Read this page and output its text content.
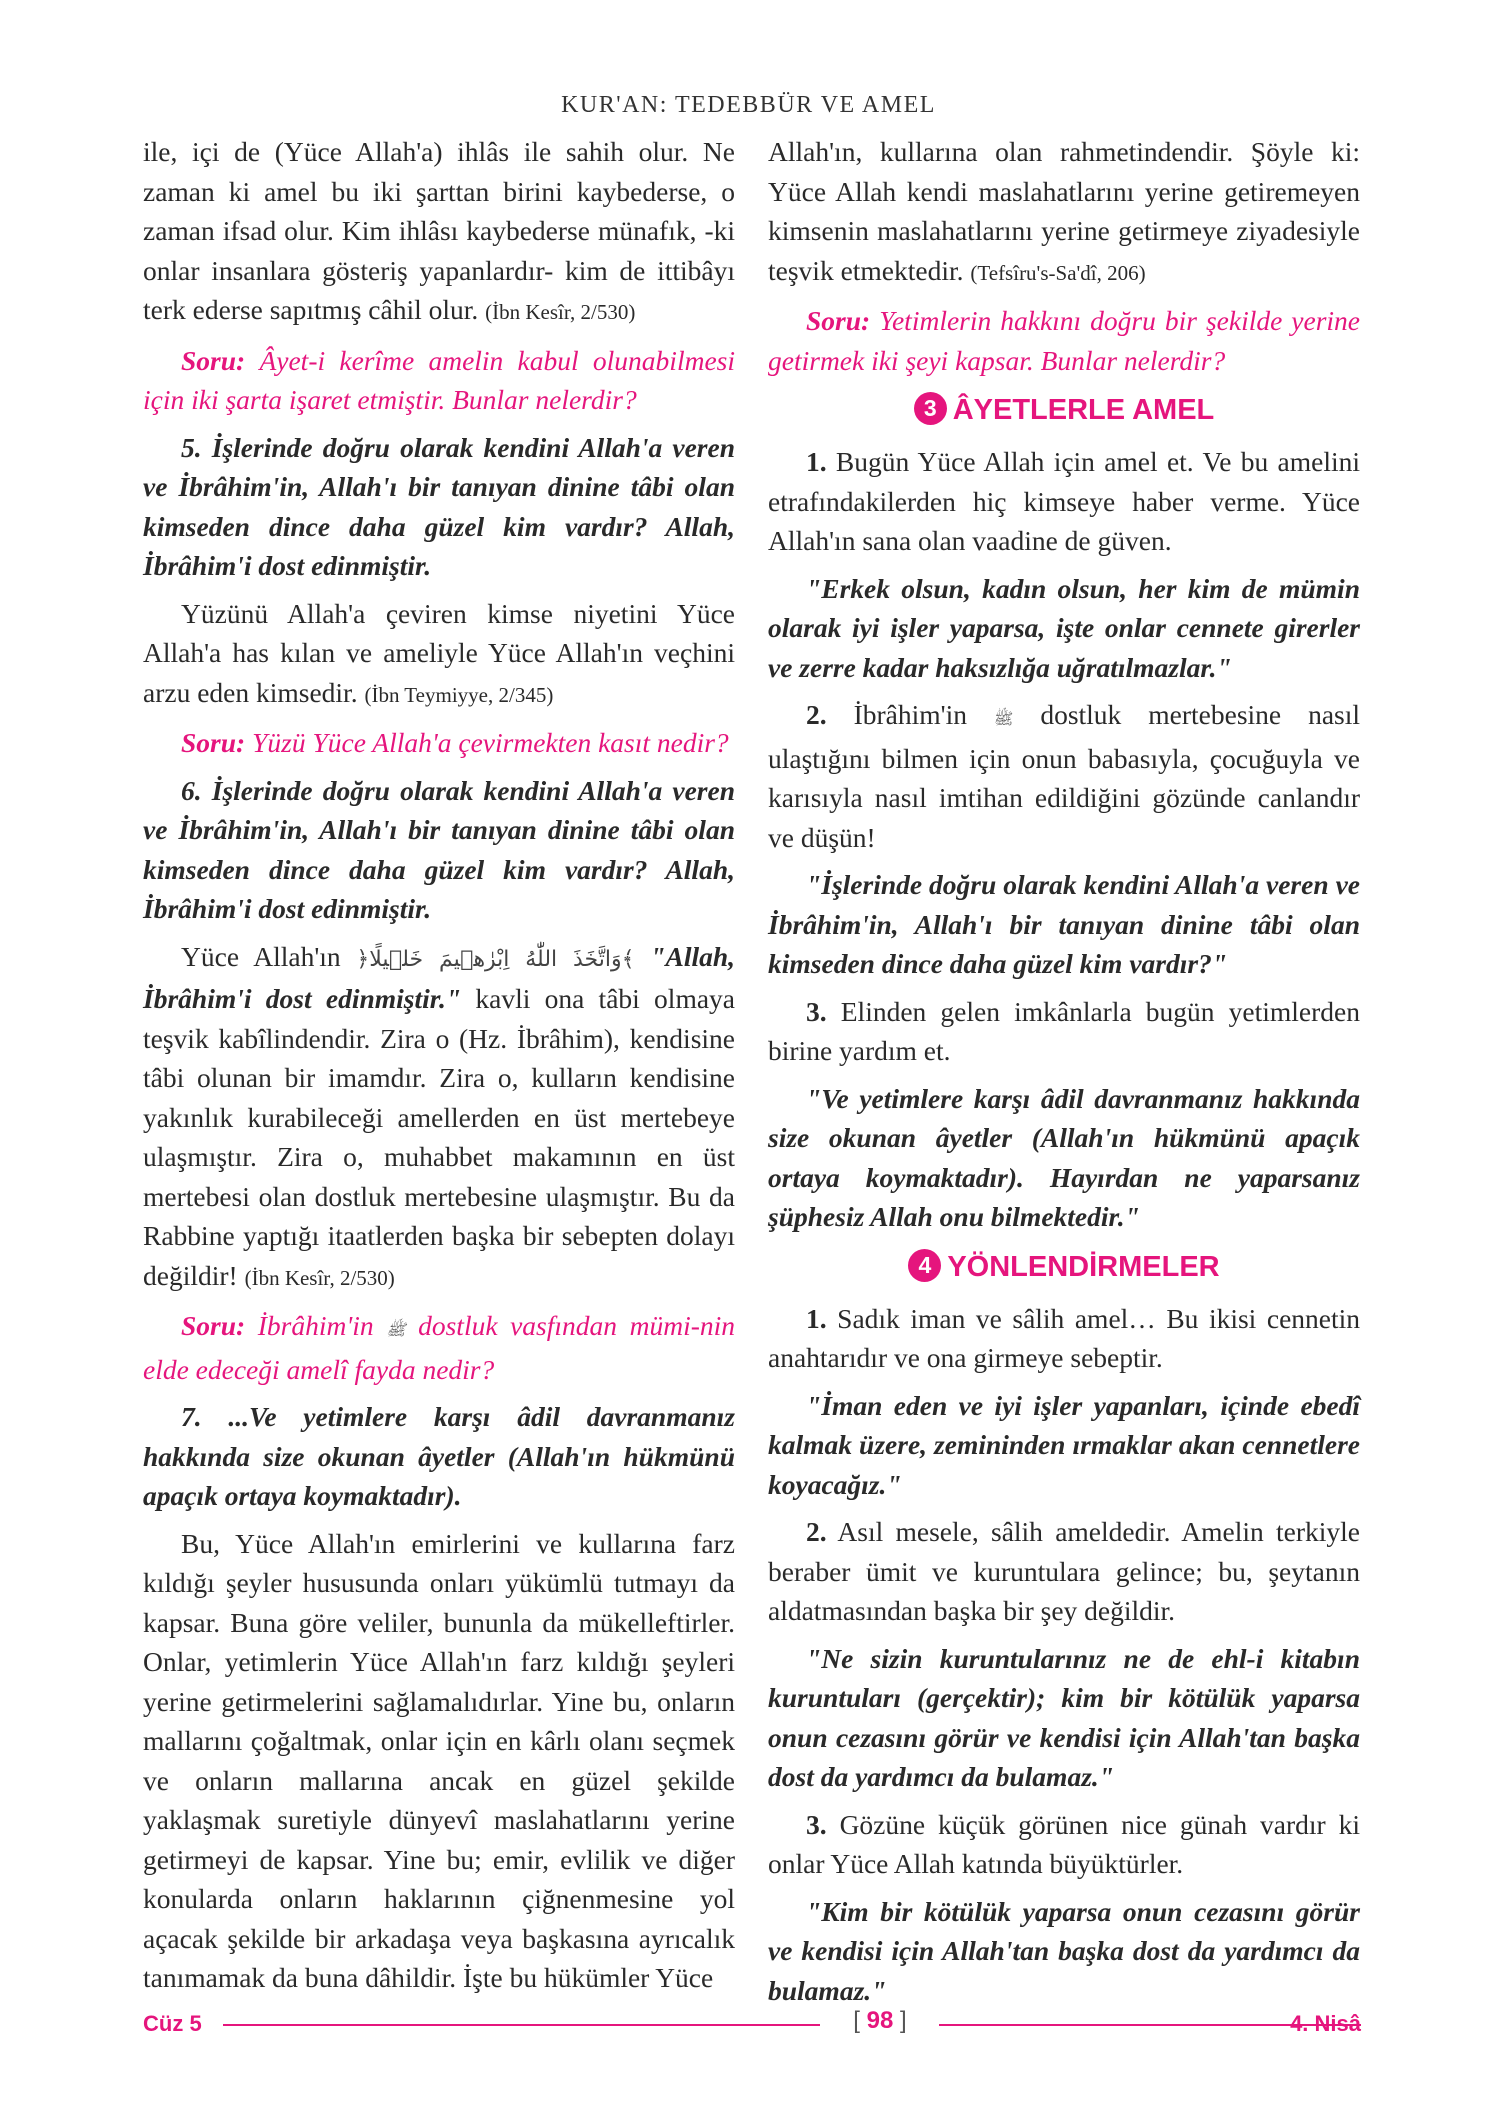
KUR'AN: TEDEBBÜR VE AMEL

ile, içi de (Yüce Allah'a) ihlâs ile sahih olur. Ne zaman ki amel bu iki şarttan birini kaybederse, o zaman ifsad olur. Kim ihlâsı kaybederse münafık, -ki onlar insanlara gösteriş yapanlardır- kim de ittibâyı terk ederse sapıtmış câhil olur. (İbn Kesîr, 2/530)

Soru: Âyet-i kerîme amelin kabul olunabilmesi için iki şarta işaret etmiştir. Bunlar nelerdir?

5. İşlerinde doğru olarak kendini Allah'a veren ve İbrâhim'in, Allah'ı bir tanıyan dinine tâbi olan kimseden dince daha güzel kim vardır? Allah, İbrâhim'i dost edinmiştir.

Yüzünü Allah'a çeviren kimse niyetini Yüce Allah'a has kılan ve ameliyle Yüce Allah'ın veçhini arzu eden kimsedir. (İbn Teymiyye, 2/345)

Soru: Yüzü Yüce Allah'a çevirmekten kasıt nedir?

6. İşlerinde doğru olarak kendini Allah'a veren ve İbrâhim'in, Allah'ı bir tanıyan dinine tâbi olan kimseden dince daha güzel kim vardır? Allah, İbrâhim'i dost edinmiştir.

Yüce Allah'ın ﴿وَاتَّخَذَ اللّٰهُ اِبْرٰهٖيمَ خَلٖيلًا﴾ "Allah, İbrâhim'i dost edinmiştir." kavli ona tâbi olmaya teşvik kabîlindendir. Zira o (Hz. İbrâhim), kendisine tâbi olunan bir imamdır. Zira o, kulların kendisine yakınlık kurabileceği amellerden en üst mertebeye ulaşmıştır. Zira o, muhabbet makamının en üst mertebesi olan dostluk mertebesine ulaşmıştır. Bu da Rabbine yaptığı itaatlerden başka bir sebepten dolayı değildir! (İbn Kesîr, 2/530)

Soru: İbrâhim'in ﷺ dostluk vasfından mümi-nin elde edeceği amelî fayda nedir?

7. ...Ve yetimlere karşı âdil davranmanız hakkında size okunan âyetler (Allah'ın hükmünü apaçık ortaya koymaktadır).

Bu, Yüce Allah'ın emirlerini ve kullarına farz kıldığı şeyler hususunda onları yükümlü tutmayı da kapsar. Buna göre veliler, bununla da mükelleftirler. Onlar, yetimlerin Yüce Allah'ın farz kıldığı şeyleri yerine getirmelerini sağlamalıdırlar. Yine bu, onların mallarını çoğaltmak, onlar için en kârlı olanı seçmek ve onların mallarına ancak en güzel şekilde yaklaşmak suretiyle dünyevî maslahatlarını yerine getirmeyi de kapsar. Yine bu; emir, evlilik ve diğer konularda onların haklarının çiğnenmesine yol açacak şekilde bir arkadaşa veya başkasına ayrıcalık tanımamak da buna dâhildir. İşte bu hükümler Yüce

Allah'ın, kullarına olan rahmetindendir. Şöyle ki: Yüce Allah kendi maslahatlarını yerine getiremeyen kimsenin maslahatlarını yerine getirmeye ziyadesiyle teşvik etmektedir. (Tefsîru's-Sa'dî, 206)

Soru: Yetimlerin hakkını doğru bir şekilde yerine getirmek iki şeyi kapsar. Bunlar nelerdir?

3 ÂYETLERLE AMEL

1. Bugün Yüce Allah için amel et. Ve bu amelini etrafındakilerden hiç kimseye haber verme. Yüce Allah'ın sana olan vaadine de güven.

"Erkek olsun, kadın olsun, her kim de mümin olarak iyi işler yaparsa, işte onlar cennete girerler ve zerre kadar haksızlığa uğratılmazlar."

2. İbrâhim'in ﷺ dostluk mertebesine nasıl ulaştığını bilmen için onun babasıyla, çocuğuyla ve karısıyla nasıl imtihan edildiğini gözünde canlandır ve düşün!

"İşlerinde doğru olarak kendini Allah'a veren ve İbrâhim'in, Allah'ı bir tanıyan dinine tâbi olan kimseden dince daha güzel kim vardır?"

3. Elinden gelen imkânlarla bugün yetimlerden birine yardım et.

"Ve yetimlere karşı âdil davranmanız hakkında size okunan âyetler (Allah'ın hükmünü apaçık ortaya koymaktadır). Hayırdan ne yaparsanız şüphesiz Allah onu bilmektedir."

4 YÖNLENDİRMELER

1. Sadık iman ve sâlih amel… Bu ikisi cennetin anahtarıdır ve ona girmeye sebeptir.

"İman eden ve iyi işler yapanları, içinde ebedî kalmak üzere, zemininden ırmaklar akan cennetlere koyacağız."

2. Asıl mesele, sâlih ameldedir. Amelin terkiyle beraber ümit ve kuruntulara gelince; bu, şeytanın aldatmasından başka bir şey değildir.

"Ne sizin kuruntularınız ne de ehl-i kitabın kuruntuları (gerçektir); kim bir kötülük yaparsa onun cezasını görür ve kendisi için Allah'tan başka dost da yardımcı da bulamaz."

3. Gözüne küçük görünen nice günah vardır ki onlar Yüce Allah katında büyüktürler.

"Kim bir kötülük yaparsa onun cezasını görür ve kendisi için Allah'tan başka dost da yardımcı da bulamaz."

Cüz 5	[ 98 ]	4. Nisâ
